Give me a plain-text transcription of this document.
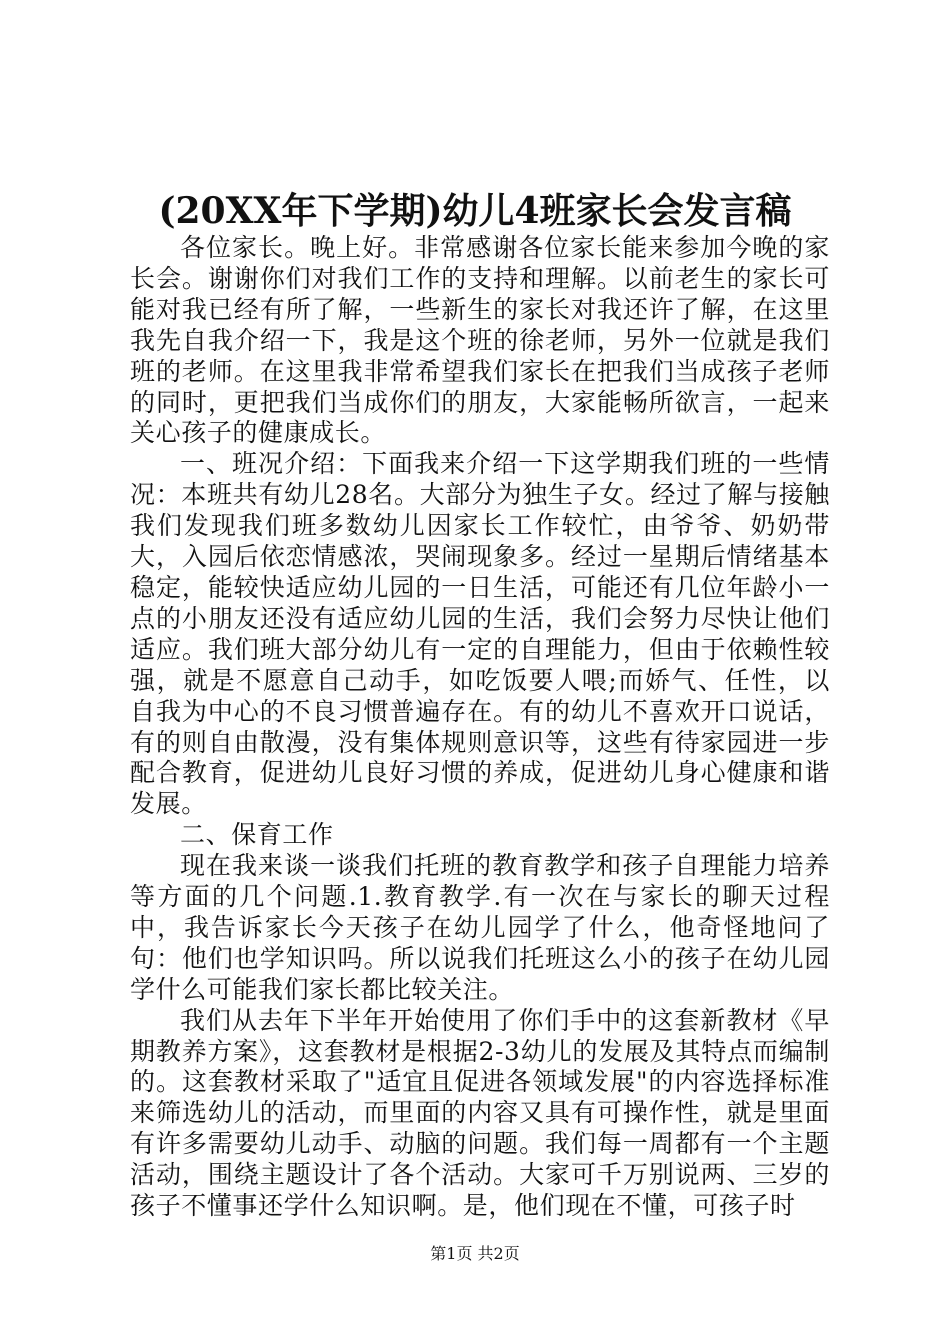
(20XX年下学期)幼儿4班家长会发言稿

各位家长。晚上好。非常感谢各位家长能来参加今晚的家长会。谢谢你们对我们工作的支持和理解。以前老生的家长可能对我已经有所了解，一些新生的家长对我还许了解，在这里我先自我介绍一下，我是这个班的徐老师，另外一位就是我们班的老师。在这里我非常希望我们家长在把我们当成孩子老师的同时，更把我们当成你们的朋友，大家能畅所欲言，一起来关心孩子的健康成长。

一、班况介绍：下面我来介绍一下这学期我们班的一些情况：本班共有幼儿28名。大部分为独生子女。经过了解与接触我们发现我们班多数幼儿因家长工作较忙，由爷爷、奶奶带大，入园后依恋情感浓，哭闹现象多。经过一星期后情绪基本稳定，能较快适应幼儿园的一日生活，可能还有几位年龄小一点的小朋友还没有适应幼儿园的生活，我们会努力尽快让他们适应。我们班大部分幼儿有一定的自理能力，但由于依赖性较强，就是不愿意自己动手，如吃饭要人喂;而娇气、任性，以自我为中心的不良习惯普遍存在。有的幼儿不喜欢开口说话，有的则自由散漫，没有集体规则意识等，这些有待家园进一步配合教育，促进幼儿良好习惯的养成，促进幼儿身心健康和谐发展。

二、保育工作

现在我来谈一谈我们托班的教育教学和孩子自理能力培养等方面的几个问题.1.教育教学.有一次在与家长的聊天过程中，我告诉家长今天孩子在幼儿园学了什么，他奇怪地问了句：他们也学知识吗。所以说我们托班这么小的孩子在幼儿园学什么可能我们家长都比较关注。

我们从去年下半年开始使用了你们手中的这套新教材《早期教养方案》，这套教材是根据2-3幼儿的发展及其特点而编制的。这套教材采取了"适宜且促进各领域发展"的内容选择标准来筛选幼儿的活动，而里面的内容又具有可操作性，就是里面有许多需要幼儿动手、动脑的问题。我们每一周都有一个主题活动，围绕主题设计了各个活动。大家可千万别说两、三岁的孩子不懂事还学什么知识啊。是，他们现在不懂，可孩子时

第1页 共2页
